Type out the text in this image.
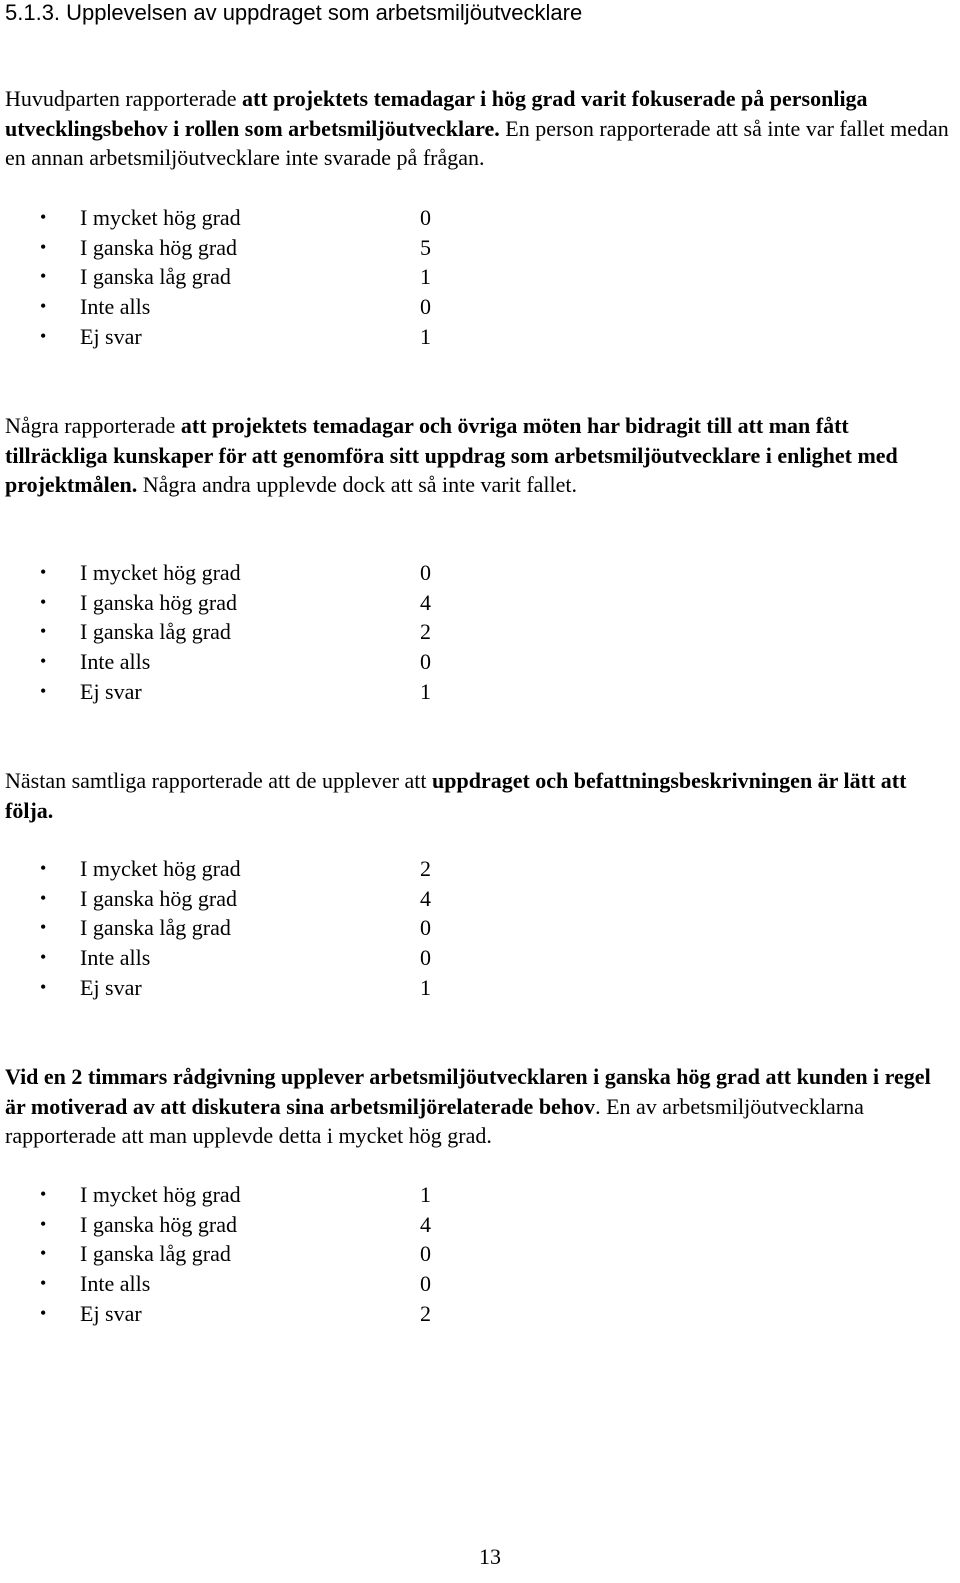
5.1.3. Upplevelsen av uppdraget som arbetsmiljöutvecklare

Huvudparten rapporterade att projektets temadagar i hög grad varit fokuserade på personliga utvecklingsbehov i rollen som arbetsmiljöutvecklare. En person rapporterade att så inte var fallet medan en annan arbetsmiljöutvecklare inte svarade på frågan.

• I mycket hög grad	0
• I ganska hög grad	5
• I ganska låg grad	1
• Inte alls	0
• Ej svar	1

Några rapporterade att projektets temadagar och övriga möten har bidragit till att man fått tillräckliga kunskaper för att genomföra sitt uppdrag som arbetsmiljöutvecklare i enlighet med projektmålen. Några andra upplevde dock att så inte varit fallet.

• I mycket hög grad	0
• I ganska hög grad	4
• I ganska låg grad	2
• Inte alls	0
• Ej svar	1

Nästan samtliga rapporterade att de upplever att uppdraget och befattningsbeskrivningen är lätt att följa.

• I mycket hög grad	2
• I ganska hög grad	4
• I ganska låg grad	0
• Inte alls	0
• Ej svar	1

Vid en 2 timmars rådgivning upplever arbetsmiljöutvecklaren i ganska hög grad att kunden i regel är motiverad av att diskutera sina arbetsmiljörelaterade behov. En av arbetsmiljöutvecklarna rapporterade att man upplevde detta i mycket hög grad.

• I mycket hög grad	1
• I ganska hög grad	4
• I ganska låg grad	0
• Inte alls	0
• Ej svar	2
13
